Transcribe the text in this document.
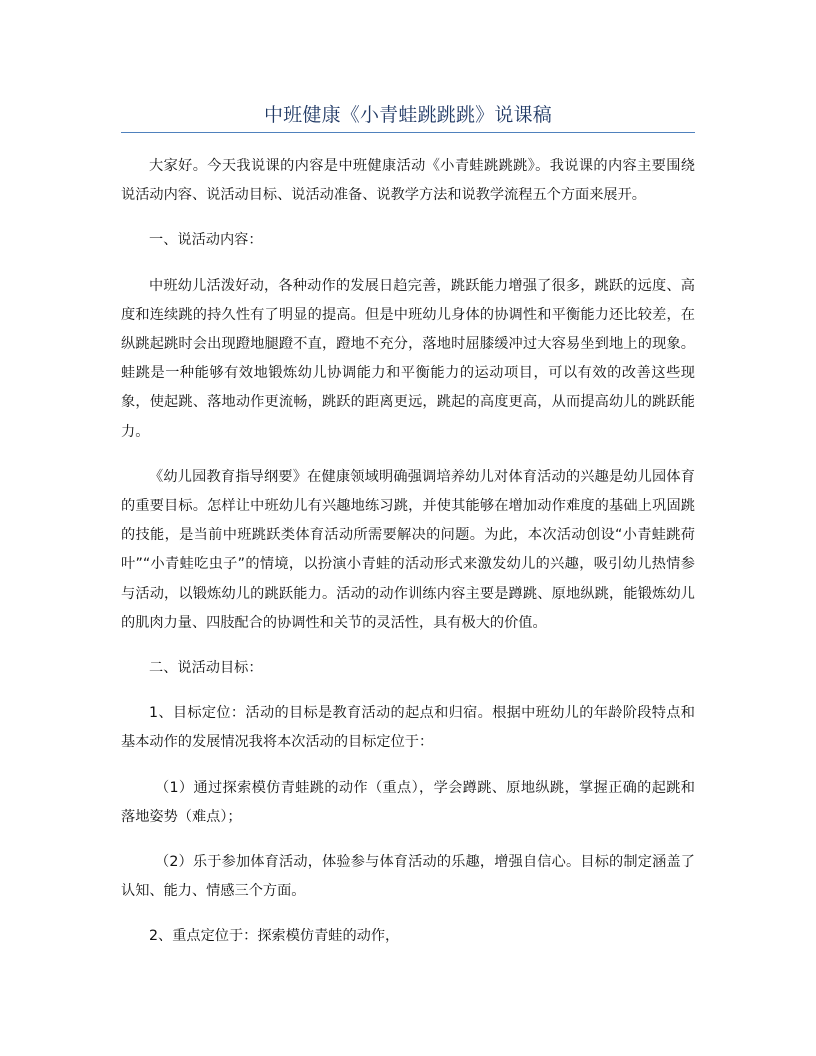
中班健康《小青蛙跳跳跳》说课稿

大家好。今天我说课的内容是中班健康活动《小青蛙跳跳跳》。我说课的内容主要围绕说活动内容、说活动目标、说活动准备、说教学方法和说教学流程五个方面来展开。

一、说活动内容：

中班幼儿活泼好动，各种动作的发展日趋完善，跳跃能力增强了很多，跳跃的远度、高度和连续跳的持久性有了明显的提高。但是中班幼儿身体的协调性和平衡能力还比较差，在纵跳起跳时会出现蹬地腿蹬不直，蹬地不充分，落地时屈膝缓冲过大容易坐到地上的现象。蛙跳是一种能够有效地锻炼幼儿协调能力和平衡能力的运动项目，可以有效的改善这些现象，使起跳、落地动作更流畅，跳跃的距离更远，跳起的高度更高，从而提高幼儿的跳跃能力。

《幼儿园教育指导纲要》在健康领域明确强调培养幼儿对体育活动的兴趣是幼儿园体育的重要目标。怎样让中班幼儿有兴趣地练习跳，并使其能够在增加动作难度的基础上巩固跳的技能，是当前中班跳跃类体育活动所需要解决的问题。为此，本次活动创设“小青蛙跳荷叶”“小青蛙吃虫子”的情境，以扮演小青蛙的活动形式来激发幼儿的兴趣，吸引幼儿热情参与活动，以锻炼幼儿的跳跃能力。活动的动作训练内容主要是蹲跳、原地纵跳，能锻炼幼儿的肌肉力量、四肢配合的协调性和关节的灵活性，具有极大的价值。

二、说活动目标：

1、目标定位：活动的目标是教育活动的起点和归宿。根据中班幼儿的年龄阶段特点和基本动作的发展情况我将本次活动的目标定位于：

（1）通过探索模仿青蛙跳的动作（重点），学会蹲跳、原地纵跳，掌握正确的起跳和落地姿势（难点）；

（2）乐于参加体育活动，体验参与体育活动的乐趣，增强自信心。目标的制定涵盖了认知、能力、情感三个方面。

2、重点定位于：探索模仿青蛙的动作，
